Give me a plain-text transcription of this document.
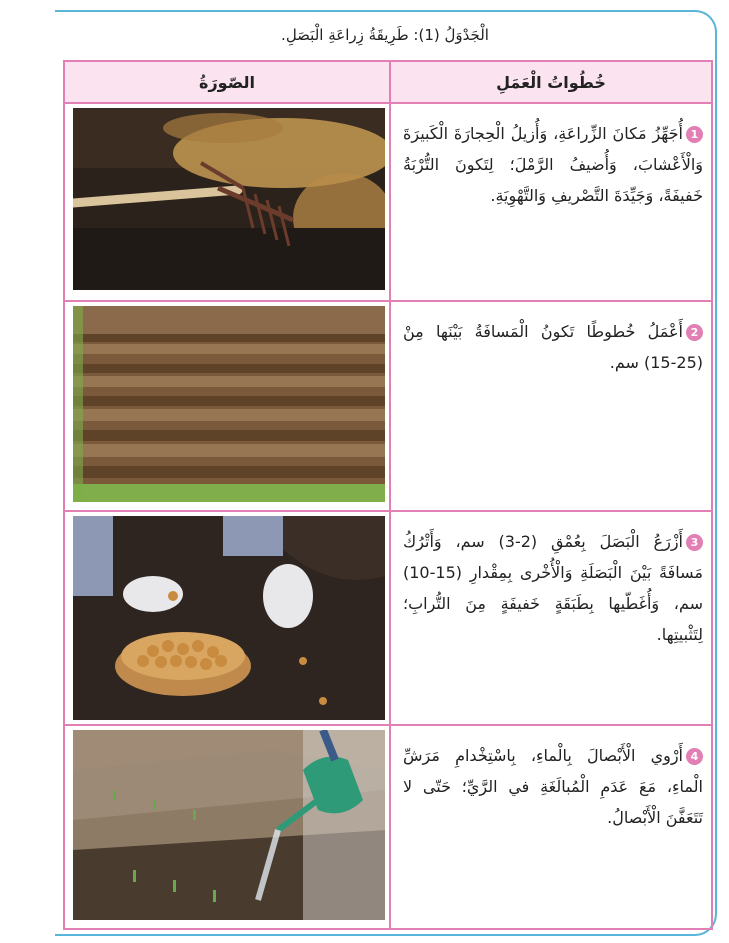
الْجَدْوَلُ (1): طَرِيقَةُ زِراعَةِ الْبَصَلِ.
خُطُواتُ الْعَمَلِ	الصّورَةُ
1أُجَهِّزُ مَكانَ الزِّراعَةِ، وَأُزيلُ الْحِجارَةَ الْكَبيرَةَ وَالْأَعْشابَ، وَأُضيفُ الرَّمْلَ؛ لِتَكونَ التُّرْبَةُ خَفيفَةً، وَجَيِّدَةَ التَّصْريفِ وَالتَّهْوِيَةِ.	

2أَعْمَلُ خُطوطًا تَكونُ الْمَسافَةُ بَيْنَها مِنْ (25-15) سم.	

3أَزْرَعُ الْبَصَلَ بِعُمْقِ (2-3) سم، وَأَتْرُكُ مَسافَةً بَيْنَ الْبَصَلَةِ وَالْأُخْرى بِمِقْدارِ (15-10) سم، وَأُغَطّيها بِطَبَقَةٍ خَفيفَةٍ مِنَ التُّرابِ؛ لِتَثْبيتِها.	

4أَرْوي الْأَبْصالَ بِالْماءِ، بِاسْتِخْدامِ مَرَشِّ الْماءِ، مَعَ عَدَمِ الْمُبالَغَةِ في الرَّيِّ؛ حَتّى لا تَتَعَفَّنَ الْأَبْصالُ.	
